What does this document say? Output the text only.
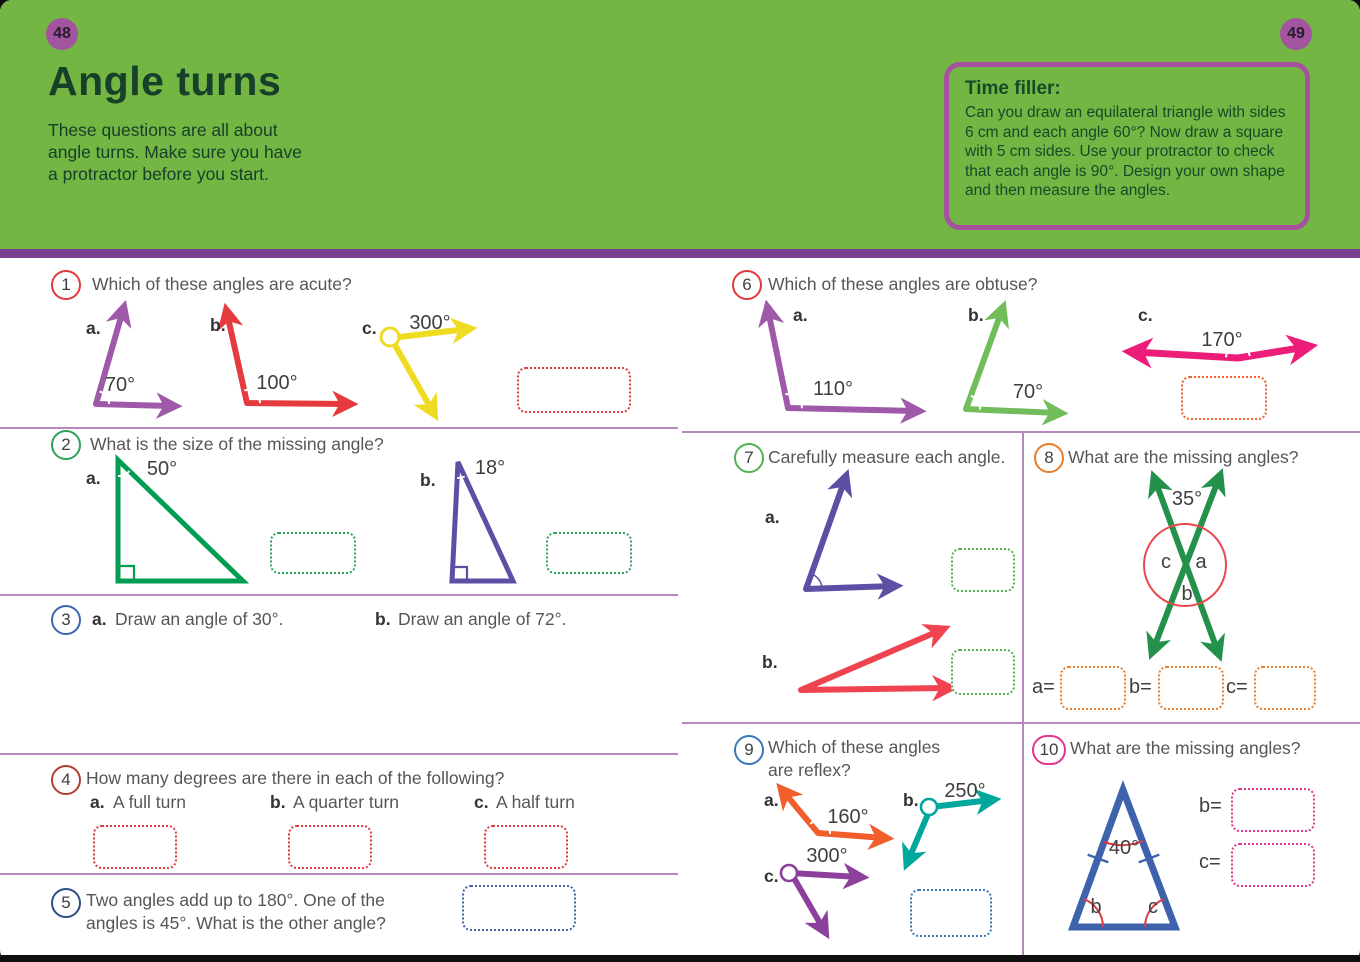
48	49
Angle turns
These questions are all about
angle turns. Make sure you have
a protractor before you start.
Time filler:
Can you draw an equilateral triangle with sides 6 cm and each angle 60°? Now draw a square with 5 cm sides. Use your protractor to check that each angle is 90°. Design your own shape and then measure the angles.
1 Which of these angles are acute?
a.	b.	c.
70°	100°
300°
2 What is the size of the missing angle?
a.	b.
50°	18°
3 a. Draw an angle of 30°.	b. Draw an angle of 72°.
4 How many degrees are there in each of the following?
a. A full turn	b. A quarter turn	c. A half turn
5 Two angles add up to 180°. One of the
angles is 45°. What is the other angle?
6 Which of these angles are obtuse?
a.	b.	c.
110°	70°
170°
7 Carefully measure each angle.
a.
b.
8 What are the missing angles?
35°
c a
b
a=	b=	c=
9 Which of these angles
are reflex?
a.	b.
c.
160°
250°
300°
10 What are the missing angles?
40°
b c
b=
c=
